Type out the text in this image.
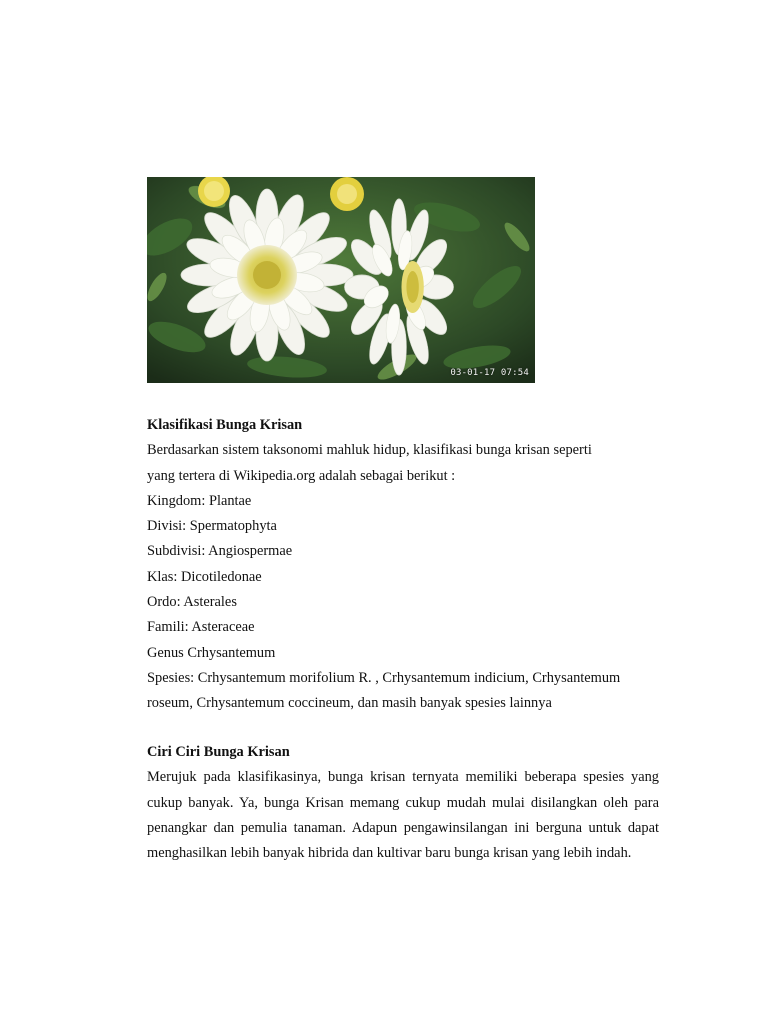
03-01-17 07:54
Klasifikasi Bunga Krisan
Berdasarkan sistem taksonomi mahluk hidup, klasifikasi bunga krisan seperti
yang tertera di Wikipedia.org adalah sebagai berikut :
Kingdom: Plantae
Divisi: Spermatophyta
Subdivisi: Angiospermae
Klas: Dicotiledonae
Ordo: Asterales
Famili: Asteraceae
Genus Crhysantemum
Spesies: Crhysantemum morifolium R. , Crhysantemum indicium, Crhysantemum
roseum, Crhysantemum coccineum, dan masih banyak spesies lainnya
Ciri Ciri Bunga Krisan
Merujuk pada klasifikasinya, bunga krisan ternyata memiliki beberapa spesies yang cukup banyak. Ya, bunga Krisan memang cukup mudah mulai disilangkan oleh para penangkar dan pemulia tanaman. Adapun pengawinsilangan ini berguna untuk dapat menghasilkan lebih banyak hibrida dan kultivar baru bunga krisan yang lebih indah.
